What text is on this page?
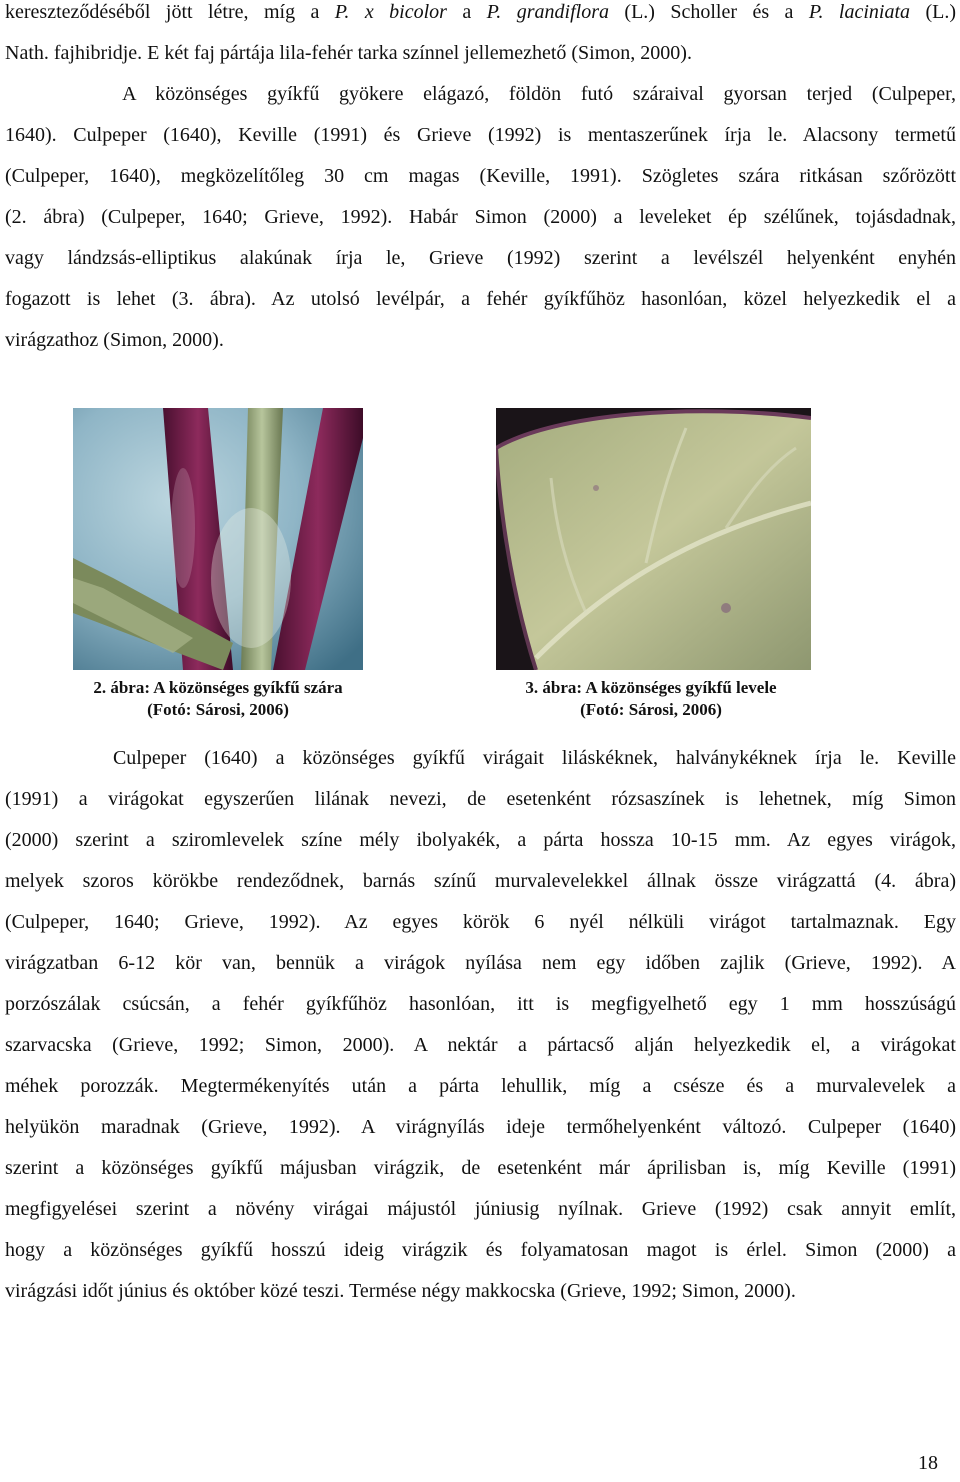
kereszteződéséből jött létre, míg a P. x bicolor a P. grandiflora (L.) Scholler és a P. laciniata (L.)
Nath. fajhibridje. E két faj pártája lila-fehér tarka színnel jellemezhető (Simon, 2000).
A közönséges gyíkfű gyökere elágazó, földön futó száraival gyorsan terjed (Culpeper,
1640). Culpeper (1640), Keville (1991) és Grieve (1992) is mentaszerűnek írja le. Alacsony termetű
(Culpeper, 1640), megközelítőleg 30 cm magas (Keville, 1991). Szögletes szára ritkásan szőrözött
(2. ábra) (Culpeper, 1640; Grieve, 1992). Habár Simon (2000) a leveleket ép szélűnek, tojásdadnak,
vagy lándzsás-elliptikus alakúnak írja le, Grieve (1992) szerint a levélszél helyenként enyhén
fogazott is lehet (3. ábra). Az utolsó levélpár, a fehér gyíkfűhöz hasonlóan, közel helyezkedik el a
virágzathoz (Simon, 2000).
2. ábra: A közönséges gyíkfű szára
(Fotó: Sárosi, 2006)
3. ábra: A közönséges gyíkfű levele
(Fotó: Sárosi, 2006)
Culpeper (1640) a közönséges gyíkfű virágait liláskéknek, halványkéknek írja le. Keville
(1991) a virágokat egyszerűen lilának nevezi, de esetenként rózsaszínek is lehetnek, míg Simon
(2000) szerint a sziromlevelek színe mély ibolyakék, a párta hossza 10-15 mm. Az egyes virágok,
melyek szoros körökbe rendeződnek, barnás színű murvalevelekkel állnak össze virágzattá (4. ábra)
(Culpeper, 1640; Grieve, 1992). Az egyes körök 6 nyél nélküli virágot tartalmaznak. Egy
virágzatban 6-12 kör van, bennük a virágok nyílása nem egy időben zajlik (Grieve, 1992). A
porzószálak csúcsán, a fehér gyíkfűhöz hasonlóan, itt is megfigyelhető egy 1 mm hosszúságú
szarvacska (Grieve, 1992; Simon, 2000). A nektár a pártacső alján helyezkedik el, a virágokat
méhek porozzák. Megtermékenyítés után a párta lehullik, míg a csésze és a murvalevelek a
helyükön maradnak (Grieve, 1992). A virágnyílás ideje termőhelyenként változó. Culpeper (1640)
szerint a közönséges gyíkfű májusban virágzik, de esetenként már áprilisban is, míg Keville (1991)
megfigyelései szerint a növény virágai májustól júniusig nyílnak. Grieve (1992) csak annyit említ,
hogy a közönséges gyíkfű hosszú ideig virágzik és folyamatosan magot is érlel. Simon (2000) a
virágzási időt június és október közé teszi. Termése négy makkocska (Grieve, 1992; Simon, 2000).
18
